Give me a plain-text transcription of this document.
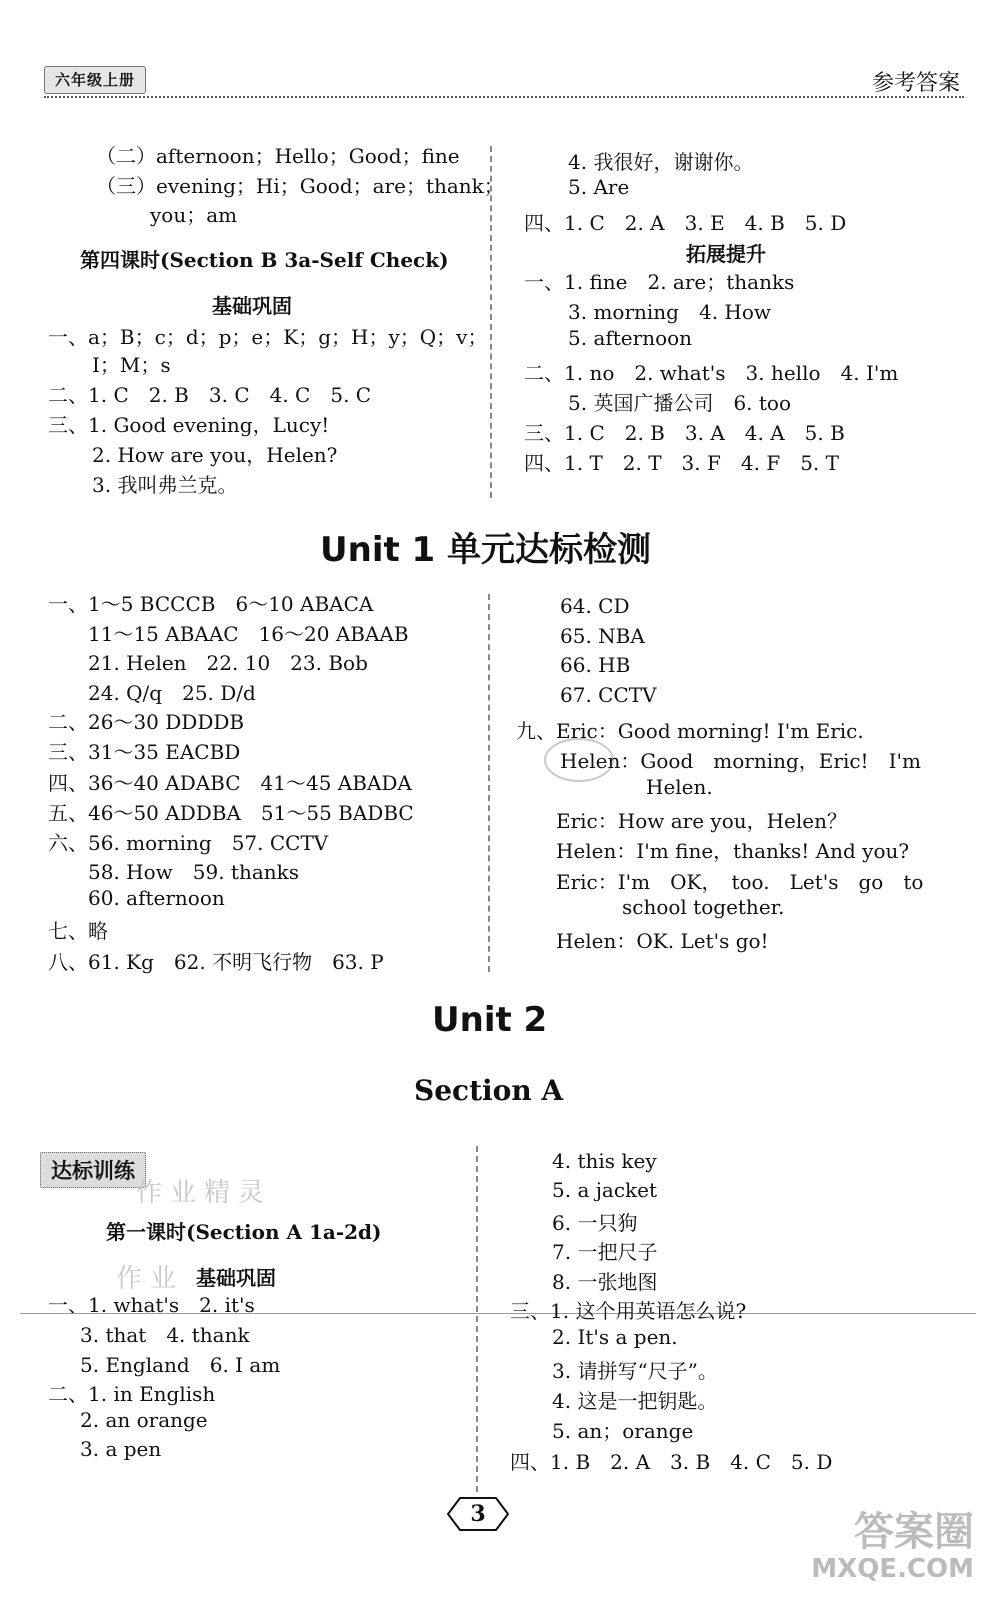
六年级上册	参考答案
（二）afternoon；Hello；Good；fine
（三）evening；Hi；Good；are；thank；
you；am
第四课时(Section B 3a-Self Check)
基础巩固
一、a；B；c；d；p；e；K；g；H；y；Q；v；
I；M；s
二、1. C　2. B　3. C　4. C　5. C
三、1. Good evening，Lucy!
2. How are you，Helen?
3. 我叫弗兰克。
4. 我很好，谢谢你。
5. Are
四、1. C　2. A　3. E　4. B　5. D
拓展提升
一、1. fine　2. are；thanks
3. morning　4. How
5. afternoon
二、1. no　2. what's　3. hello　4. I'm
5. 英国广播公司　6. too
三、1. C　2. B　3. A　4. A　5. B
四、1. T　2. T　3. F　4. F　5. T
Unit 1 单元达标检测
一、1～5 BCCCB　6～10 ABACA
11～15 ABAAC　16～20 ABAAB
21. Helen　22. 10　23. Bob
24. Q/q　25. D/d
二、26～30 DDDDB
三、31～35 EACBD
四、36～40 ADABC　41～45 ABADA
五、46～50 ADDBA　51～55 BADBC
六、56. morning　57. CCTV
58. How　59. thanks
60. afternoon
七、略
八、61. Kg　62. 不明飞行物　63. P
64. CD
65. NBA
66. HB
67. CCTV
九、Eric：Good morning! I'm Eric.
Helen：Good　morning，Eric!　I'm
Helen.
Eric：How are you，Helen？
Helen：I'm fine，thanks! And you?
Eric：I'm　OK，　too.　Let's　go　to
school together.
Helen：OK. Let's go!
Unit 2
Section A
达标训练
作业精灵
作业
第一课时(Section A 1a-2d)
基础巩固
一、1. what's　2. it's
3. that　4. thank
5. England　6. I am
二、1. in English
2. an orange
3. a pen
4. this key
5. a jacket
6. 一只狗
7. 一把尺子
8. 一张地图
三、1. 这个用英语怎么说?
2. It's a pen.
3. 请拼写“尺子”。
4. 这是一把钥匙。
5. an；orange
四、1. B　2. A　3. B　4. C　5. D
3	答案圈
MXQE.COM
